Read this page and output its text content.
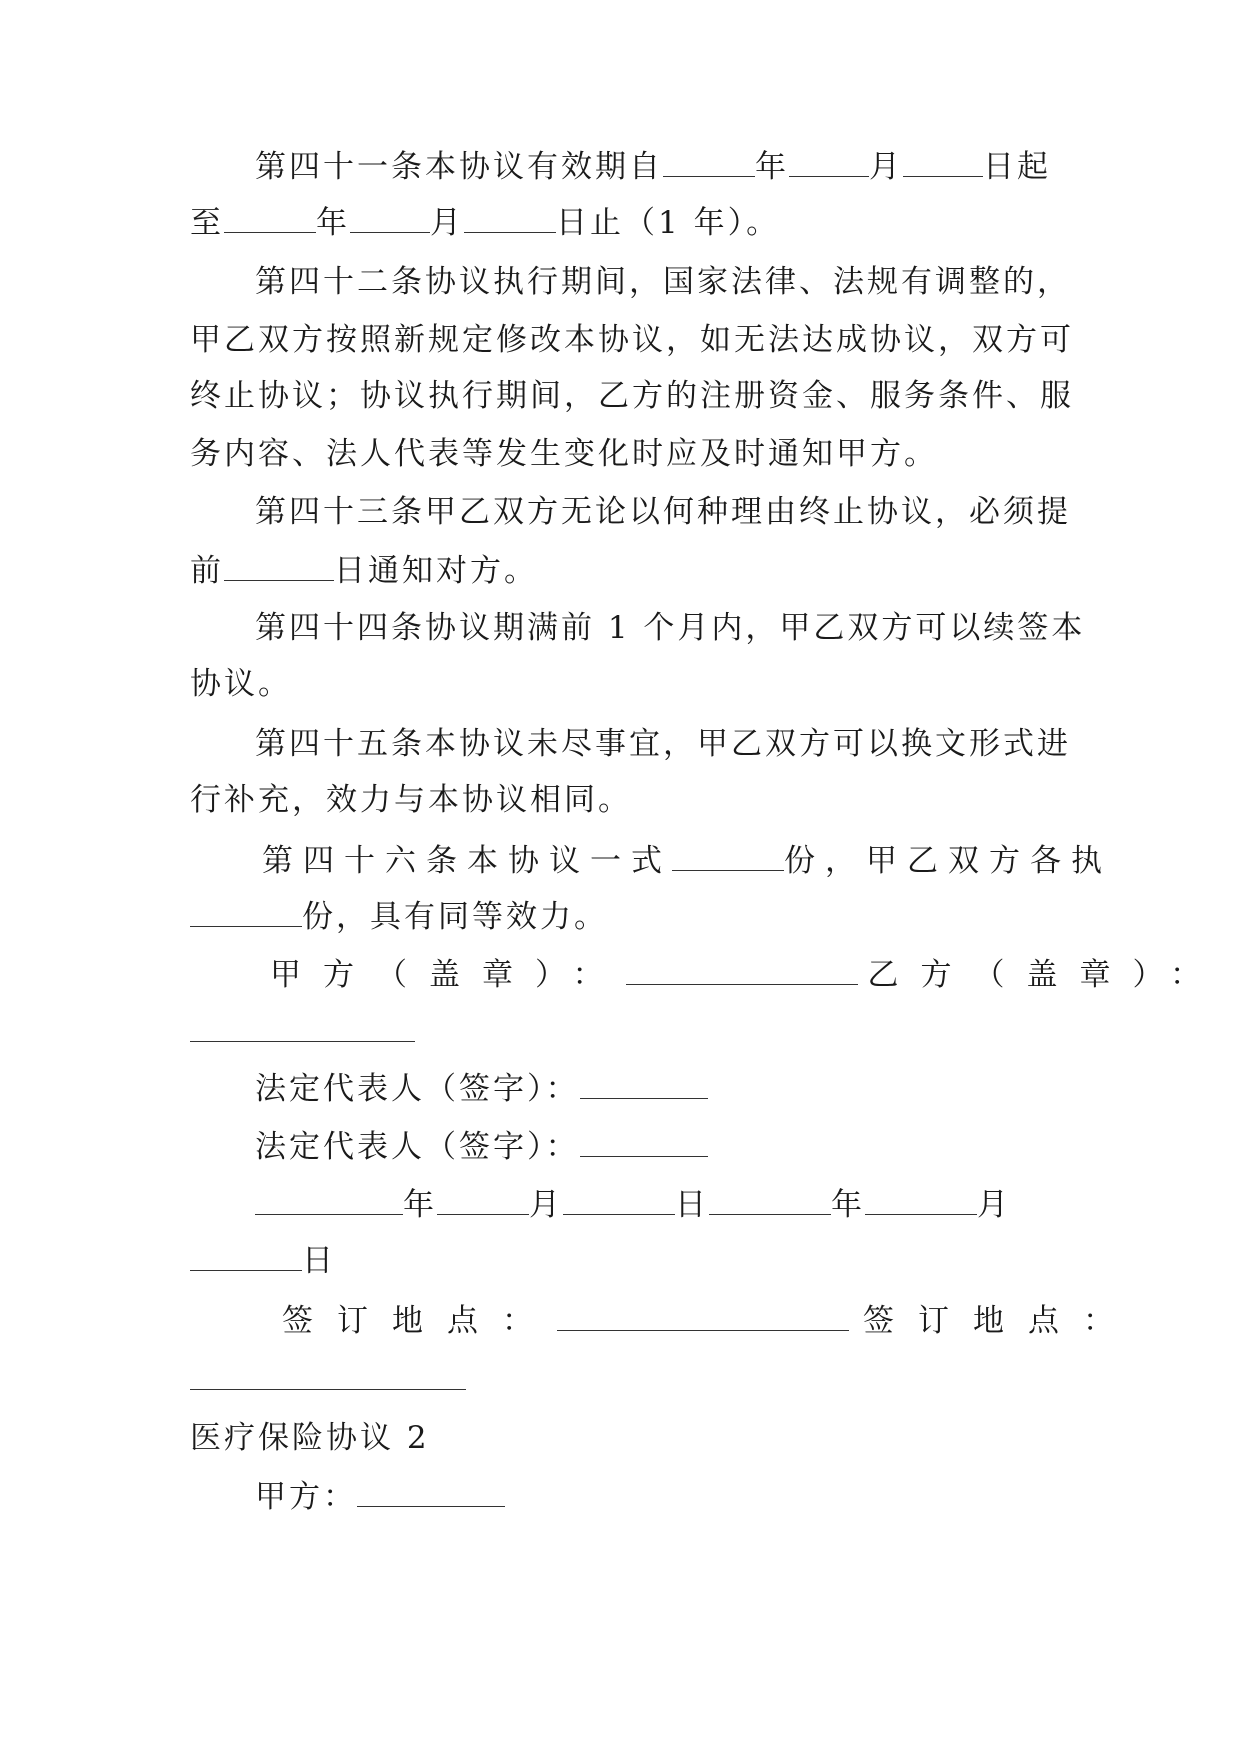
第四十一条本协议有效期自	年	月	日起
至	年	月	日止（1 年）。
第四十二条协议执行期间，国家法律、法规有调整的，
甲乙双方按照新规定修改本协议，如无法达成协议，双方可
终止协议；协议执行期间，乙方的注册资金、服务条件、服
务内容、法人代表等发生变化时应及时通知甲方。
第四十三条甲乙双方无论以何种理由终止协议，必须提
前	日通知对方。
第四十四条协议期满前 1 个月内，甲乙双方可以续签本
协议。
第四十五条本协议未尽事宜，甲乙双方可以换文形式进
行补充，效力与本协议相同。
第四十六条本协议一式	份，甲乙双方各执
份，具有同等效力。
甲方（盖章）：	乙方（盖章）：
法定代表人（签字）：
法定代表人（签字）：
年	月	日	年	月
日
签订地点：	签订地点：
医疗保险协议 2
甲方：
